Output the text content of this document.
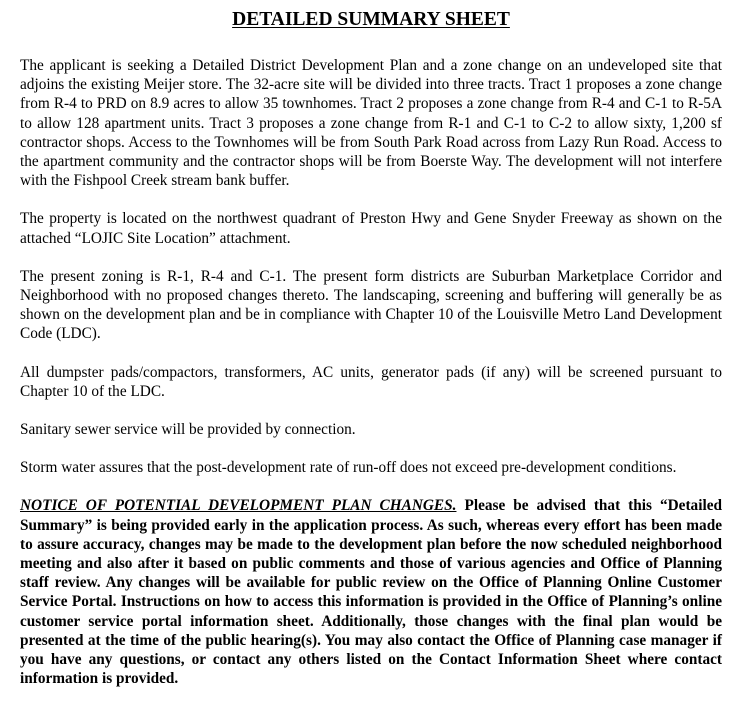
DETAILED SUMMARY SHEET

The applicant is seeking a Detailed District Development Plan and a zone change on an undeveloped site that adjoins the existing Meijer store. The 32-acre site will be divided into three tracts. Tract 1 proposes a zone change from R-4 to PRD on 8.9 acres to allow 35 townhomes. Tract 2 proposes a zone change from R-4 and C-1 to R-5A to allow 128 apartment units. Tract 3 proposes a zone change from R-1 and C-1 to C-2 to allow sixty, 1,200 sf contractor shops. Access to the Townhomes will be from South Park Road across from Lazy Run Road. Access to the apartment community and the contractor shops will be from Boerste Way. The development will not interfere with the Fishpool Creek stream bank buffer.

The property is located on the northwest quadrant of Preston Hwy and Gene Snyder Freeway as shown on the attached “LOJIC Site Location” attachment.

The present zoning is R-1, R-4 and C-1. The present form districts are Suburban Marketplace Corridor and Neighborhood with no proposed changes thereto. The landscaping, screening and buffering will generally be as shown on the development plan and be in compliance with Chapter 10 of the Louisville Metro Land Development Code (LDC).

All dumpster pads/compactors, transformers, AC units, generator pads (if any) will be screened pursuant to Chapter 10 of the LDC.

Sanitary sewer service will be provided by connection.

Storm water assures that the post-development rate of run-off does not exceed pre-development conditions.

NOTICE OF POTENTIAL DEVELOPMENT PLAN CHANGES. Please be advised that this “Detailed Summary” is being provided early in the application process. As such, whereas every effort has been made to assure accuracy, changes may be made to the development plan before the now scheduled neighborhood meeting and also after it based on public comments and those of various agencies and Office of Planning staff review. Any changes will be available for public review on the Office of Planning Online Customer Service Portal. Instructions on how to access this information is provided in the Office of Planning’s online customer service portal information sheet. Additionally, those changes with the final plan would be presented at the time of the public hearing(s). You may also contact the Office of Planning case manager if you have any questions, or contact any others listed on the Contact Information Sheet where contact information is provided.
